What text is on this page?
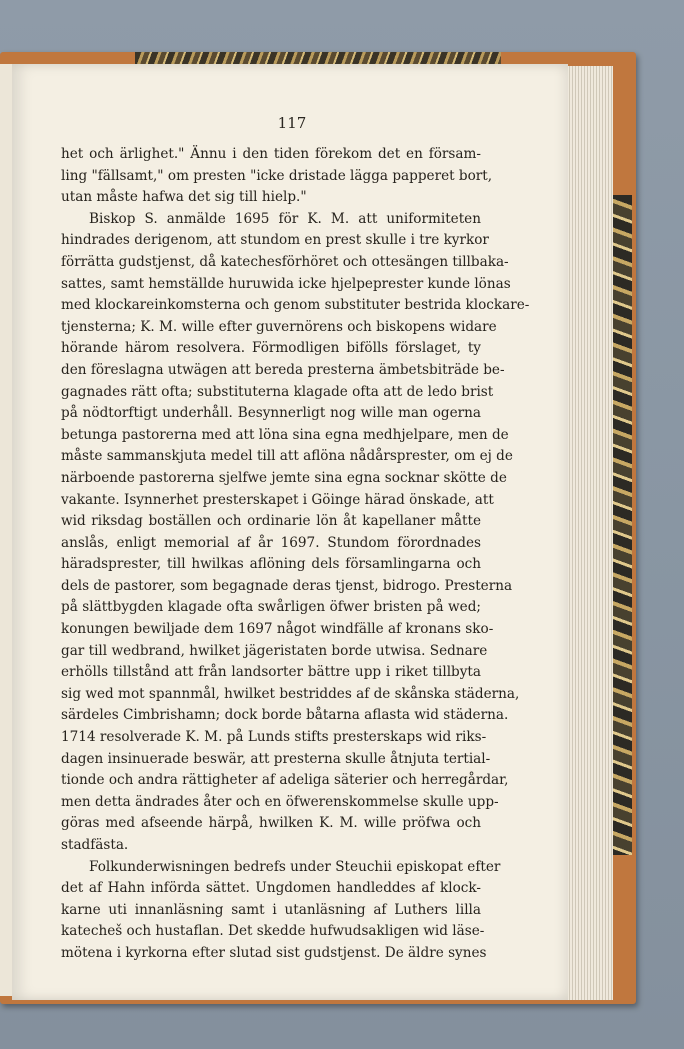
117
het och ärlighet." Ännu i den tiden förekom det en försam-
ling "fällsamt," om presten "icke dristade lägga papperet bort,
utan måste hafwa det sig till hielp."
Biskop S. anmälde 1695 för K. M. att uniformiteten
hindrades derigenom, att stundom en prest skulle i tre kyrkor
förrätta gudstjenst, då katechesförhöret och ottesängen tillbaka-
sattes, samt hemställde huruwida icke hjelpeprester kunde lönas
med klockareinkomsterna och genom substituter bestrida klockare-
tjensterna; K. M. wille efter guvernörens och biskopens widare
hörande härom resolvera. Förmodligen bifölls förslaget, ty
den föreslagna utwägen att bereda presterna ämbetsbiträde be-
gagnades rätt ofta; substituterna klagade ofta att de ledo brist
på nödtorftigt underhåll. Besynnerligt nog wille man ogerna
betunga pastorerna med att löna sina egna medhjelpare, men de
måste sammanskjuta medel till att aflöna nådårsprester, om ej de
närboende pastorerna sjelfwe jemte sina egna socknar skötte de
vakante. Isynnerhet presterskapet i Göinge härad önskade, att
wid riksdag boställen och ordinarie lön åt kapellaner måtte
anslås, enligt memorial af år 1697. Stundom förordnades
häradsprester, till hwilkas aflöning dels församlingarna och
dels de pastorer, som begagnade deras tjenst, bidrogo. Presterna
på slättbygden klagade ofta swårligen öfwer bristen på wed;
konungen bewiljade dem 1697 något windfälle af kronans sko-
gar till wedbrand, hwilket jägeristaten borde utwisa. Sednare
erhölls tillstånd att från landsorter bättre upp i riket tillbyta
sig wed mot spannmål, hwilket bestriddes af de skånska städerna,
särdeles Cimbrishamn; dock borde båtarna aflasta wid städerna.
1714 resolverade K. M. på Lunds stifts presterskaps wid riks-
dagen insinuerade beswär, att presterna skulle åtnjuta tertial-
tionde och andra rättigheter af adeliga säterier och herregårdar,
men detta ändrades åter och en öfwerenskommelse skulle upp-
göras med afseende härpå, hwilken K. M. wille pröfwa och
stadfästa.
Folkunderwisningen bedrefs under Steuchii episkopat efter
det af Hahn införda sättet. Ungdomen handleddes af klock-
karne uti innanläsning samt i utanläsning af Luthers lilla
katecheš och hustaflan. Det skedde hufwudsakligen wid läse-
mötena i kyrkorna efter slutad sist gudstjenst. De äldre synes
